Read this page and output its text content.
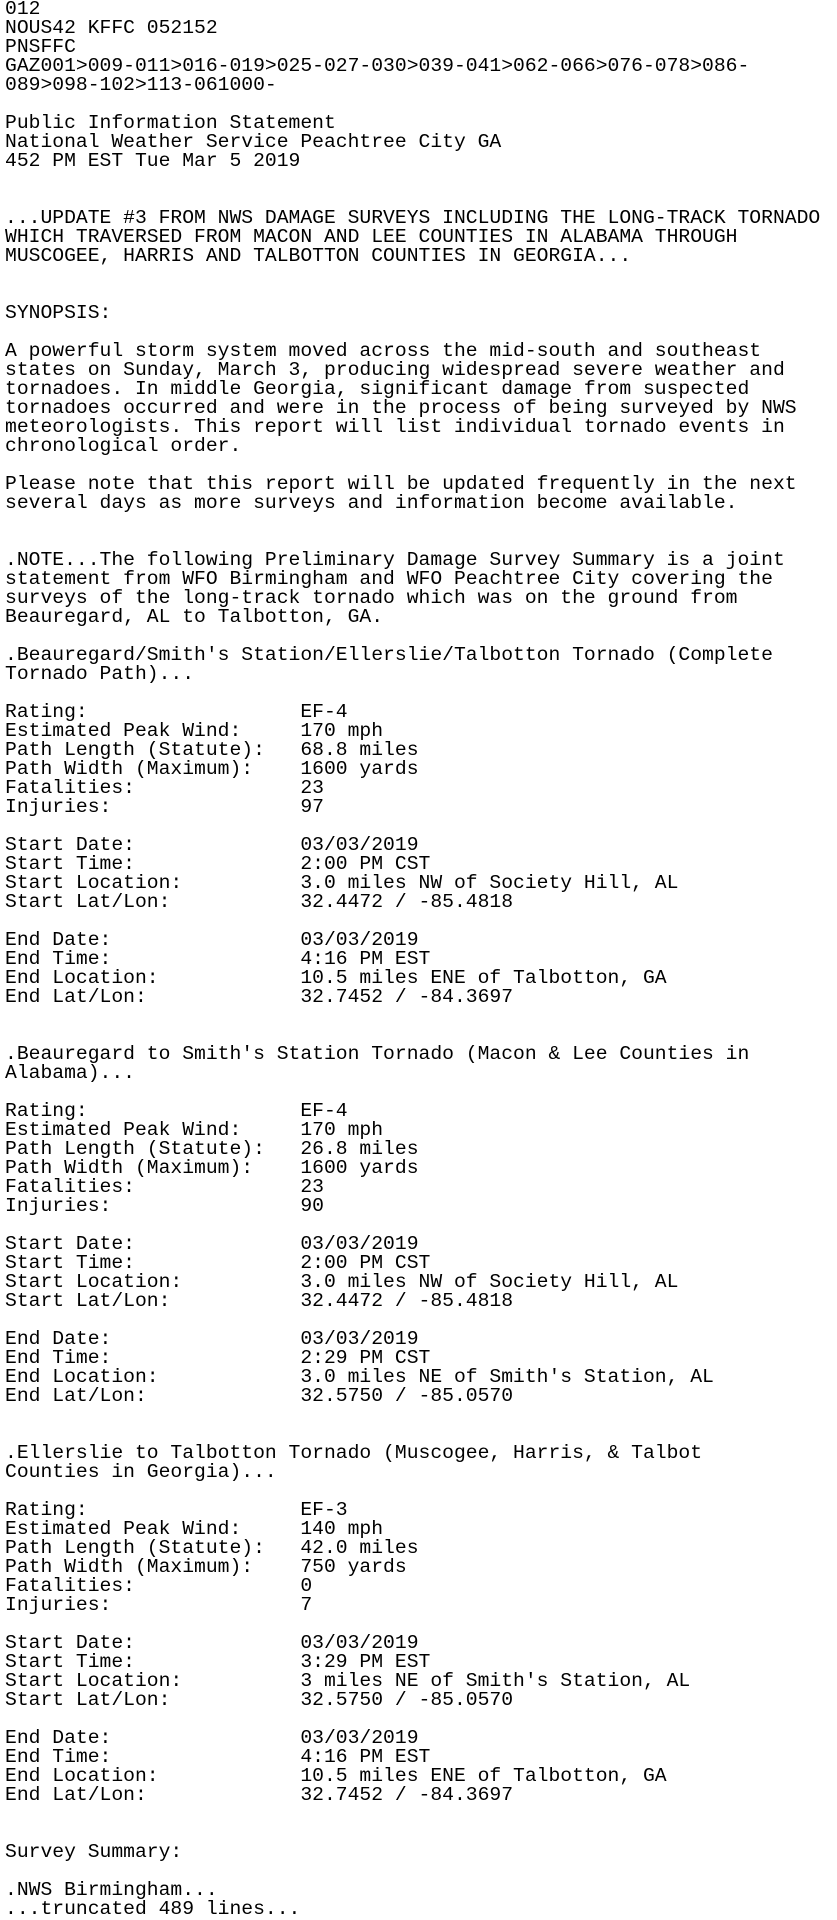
012
NOUS42 KFFC 052152
PNSFFC
GAZ001>009-011>016-019>025-027-030>039-041>062-066>076-078>086-
089>098-102>113-061000-
Public Information Statement
National Weather Service Peachtree City GA
452 PM EST Tue Mar 5 2019
...UPDATE #3 FROM NWS DAMAGE SURVEYS INCLUDING THE LONG-TRACK TORNADO
WHICH TRAVERSED FROM MACON AND LEE COUNTIES IN ALABAMA THROUGH
MUSCOGEE, HARRIS AND TALBOTTON COUNTIES IN GEORGIA...
SYNOPSIS:
A powerful storm system moved across the mid-south and southeast
states on Sunday, March 3, producing widespread severe weather and
tornadoes. In middle Georgia, significant damage from suspected
tornadoes occurred and were in the process of being surveyed by NWS
meteorologists. This report will list individual tornado events in
chronological order.
Please note that this report will be updated frequently in the next
several days as more surveys and information become available.
.NOTE...The following Preliminary Damage Survey Summary is a joint
statement from WFO Birmingham and WFO Peachtree City covering the
surveys of the long-track tornado which was on the ground from
Beauregard, AL to Talbotton, GA.
.Beauregard/Smith's Station/Ellerslie/Talbotton Tornado (Complete
Tornado Path)...
Rating:                  EF-4
Estimated Peak Wind:     170 mph
Path Length (Statute):   68.8 miles
Path Width (Maximum):    1600 yards
Fatalities:              23
Injuries:                97
Start Date:              03/03/2019
Start Time:              2:00 PM CST
Start Location:          3.0 miles NW of Society Hill, AL
Start Lat/Lon:           32.4472 / -85.4818
End Date:                03/03/2019
End Time:                4:16 PM EST
End Location:            10.5 miles ENE of Talbotton, GA
End Lat/Lon:             32.7452 / -84.3697
.Beauregard to Smith's Station Tornado (Macon & Lee Counties in
Alabama)...
Rating:                  EF-4
Estimated Peak Wind:     170 mph
Path Length (Statute):   26.8 miles
Path Width (Maximum):    1600 yards
Fatalities:              23
Injuries:                90
Start Date:              03/03/2019
Start Time:              2:00 PM CST
Start Location:          3.0 miles NW of Society Hill, AL
Start Lat/Lon:           32.4472 / -85.4818
End Date:                03/03/2019
End Time:                2:29 PM CST
End Location:            3.0 miles NE of Smith's Station, AL
End Lat/Lon:             32.5750 / -85.0570
.Ellerslie to Talbotton Tornado (Muscogee, Harris, & Talbot
Counties in Georgia)...
Rating:                  EF-3
Estimated Peak Wind:     140 mph
Path Length (Statute):   42.0 miles
Path Width (Maximum):    750 yards
Fatalities:              0
Injuries:                7
Start Date:              03/03/2019
Start Time:              3:29 PM EST
Start Location:          3 miles NE of Smith's Station, AL
Start Lat/Lon:           32.5750 / -85.0570
End Date:                03/03/2019
End Time:                4:16 PM EST
End Location:            10.5 miles ENE of Talbotton, GA
End Lat/Lon:             32.7452 / -84.3697
Survey Summary:
.NWS Birmingham...
...truncated 489 lines...
